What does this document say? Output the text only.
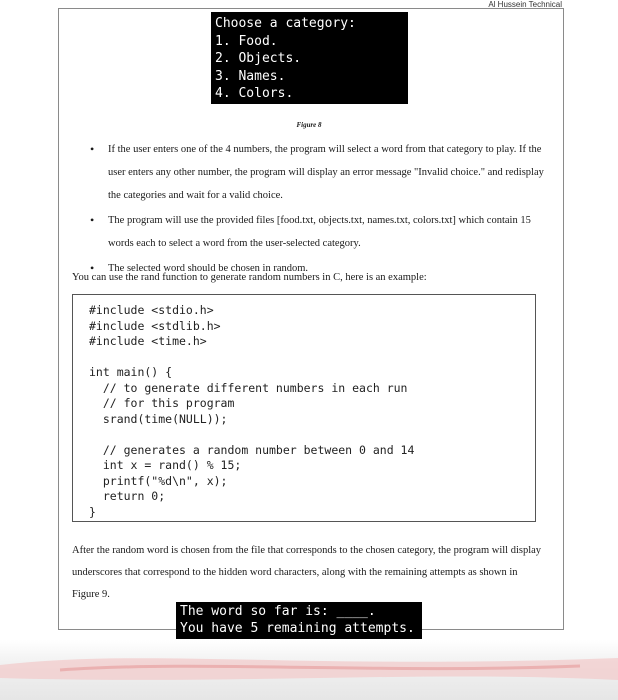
Al Hussein Technical
Choose a category:
1. Food.
2. Objects.
3. Names.
4. Colors.
Figure 8
• If the user enters one of the 4 numbers, the program will select a word from that category to play. If the user enters any other number, the program will display an error message "Invalid choice." and redisplay the categories and wait for a valid choice.
• The program will use the provided files [food.txt, objects.txt, names.txt, colors.txt] which contain 15 words each to select a word from the user-selected category.
• The selected word should be chosen in random.
You can use the rand function to generate random numbers in C, here is an example:
#include <stdio.h>
#include <stdlib.h>
#include <time.h>
int main() {
// to generate different numbers in each run
// for this program
srand(time(NULL));
// generates a random number between 0 and 14
int x = rand() % 15;
printf("%d\n", x);
return 0;
}
After the random word is chosen from the file that corresponds to the chosen category, the program will display underscores that correspond to the hidden word characters, along with the remaining attempts as shown in Figure 9.
The word so far is: ____.
You have 5 remaining attempts.
